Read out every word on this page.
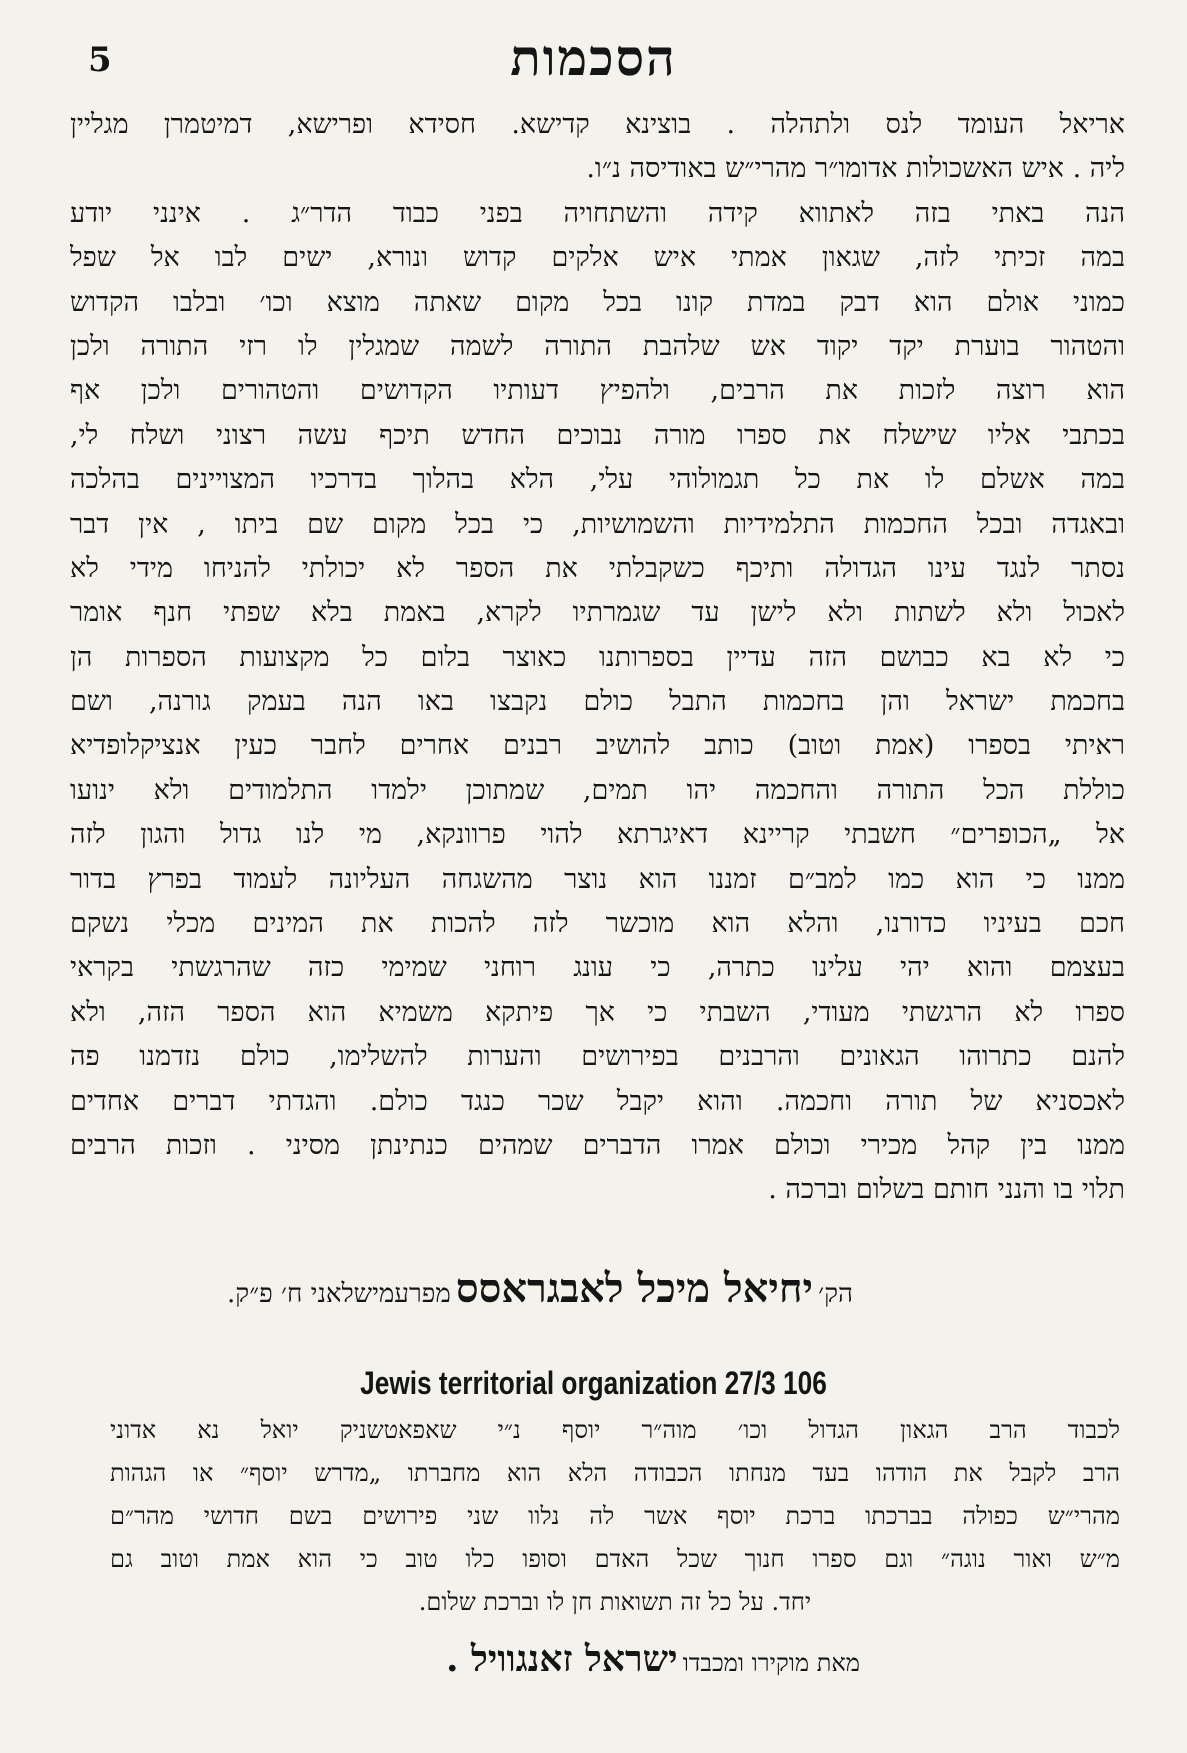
5	הסכמות
אריאל העומד לנס ולתהלה . בוצינא קדישא. חסידא ופרישא, דמיטמרן מגליין
ליה . איש האשכולות אדומו״ר מהרי״ש באודיסה נ״ו.
הנה באתי בזה לאתווא קידה והשתחויה בפני כבוד הדר״ג . אינני יודע
במה זכיתי לזה, שגאון אמתי איש אלקים קדוש ונורא, ישים לבו אל שפל
כמוני אולם הוא דבק במדת קונו בכל מקום שאתה מוצא וכו׳ ובלבו הקדוש
והטהור בוערת יקד יקוד אש שלהבת התורה לשמה שמגלין לו רזי התורה ולכן
הוא רוצה לזכות את הרבים, ולהפיץ דעותיו הקדושים והטהורים ולכן אף
בכתבי אליו שישלח את ספרו מורה נבוכים החדש תיכף עשה רצוני ושלח לי,
במה אשלם לו את כל תגמולוהי עלי, הלא בהלוך בדרכיו המצויינים בהלכה
ובאגדה ובכל החכמות התלמידיות והשמושיות, כי בכל מקום שם ביתו , אין דבר
נסתר לנגד עינו הגדולה ותיכף כשקבלתי את הספר לא יכולתי להניחו מידי לא
לאכול ולא לשתות ולא לישן עד שגמרתיו לקרא, באמת בלא שפתי חנף אומר
כי לא בא כבושם הזה עדיין בספרותנו כאוצר בלום כל מקצועות הספרות הן
בחכמת ישראל והן בחכמות התבל כולם נקבצו באו הנה בעמק גורנה, ושם
ראיתי בספרו (אמת וטוב) כותב להושיב רבנים אחרים לחבר כעין אנציקלופדיא
כוללת הכל התורה והחכמה יהו תמים, שמתוכן ילמדו התלמודים ולא ינועו
אל „הכופרים״ חשבתי קריינא דאיגרתא להוי פרוונקא, מי לנו גדול והגון לזה
ממנו כי הוא כמו למב״ם זמננו הוא נוצר מהשגחה העליונה לעמוד בפרץ בדור
חכם בעיניו כדורנו, והלא הוא מוכשר לזה להכות את המינים מכלי נשקם
בעצמם והוא יהי עלינו כתרה, כי עונג רוחני שמימי כזה שהרגשתי בקראי
ספרו לא הרגשתי מעודי, השבתי כי אך פיתקא משמיא הוא הספר הזה, ולא
להנם כתרוהו הגאונים והרבנים בפירושים והערות להשלימו, כולם נזדמנו פה
לאכסניא של תורה וחכמה. והוא יקבל שכר כנגד כולם. והגדתי דברים אחדים
ממנו בין קהל מכירי וכולם אמרו הדברים שמהים כנתינתן מסיני . וזכות הרבים
תלוי בו והנני חותם בשלום וברכה .
הק׳ יחיאל מיכל לאבגראסס מפרעמישלאני ח׳ פ״ק.
Jewis territorial organization 27/3 106
לכבוד הרב הגאון הגדול וכו׳ מוה״ר יוסף נ״י שאפאטשניק יואל נא אדוני
הרב לקבל את הודהו בעד מנחתו הכבודה הלא הוא מחברתו „מדרש יוסף״ או הגהות
מהרי״ש כפולה בברכתו ברכת יוסף אשר לה נלוו שני פירושים בשם חדושי מהר״ם
מ״ש ואור נוגה״ וגם ספרו חנוך שכל האדם וסופו כלו טוב כי הוא אמת וטוב גם
יחד. על כל זה תשואות חן לו וברכת שלום.
מאת מוקירו ומכבדו ישראל זאנגוויל .
